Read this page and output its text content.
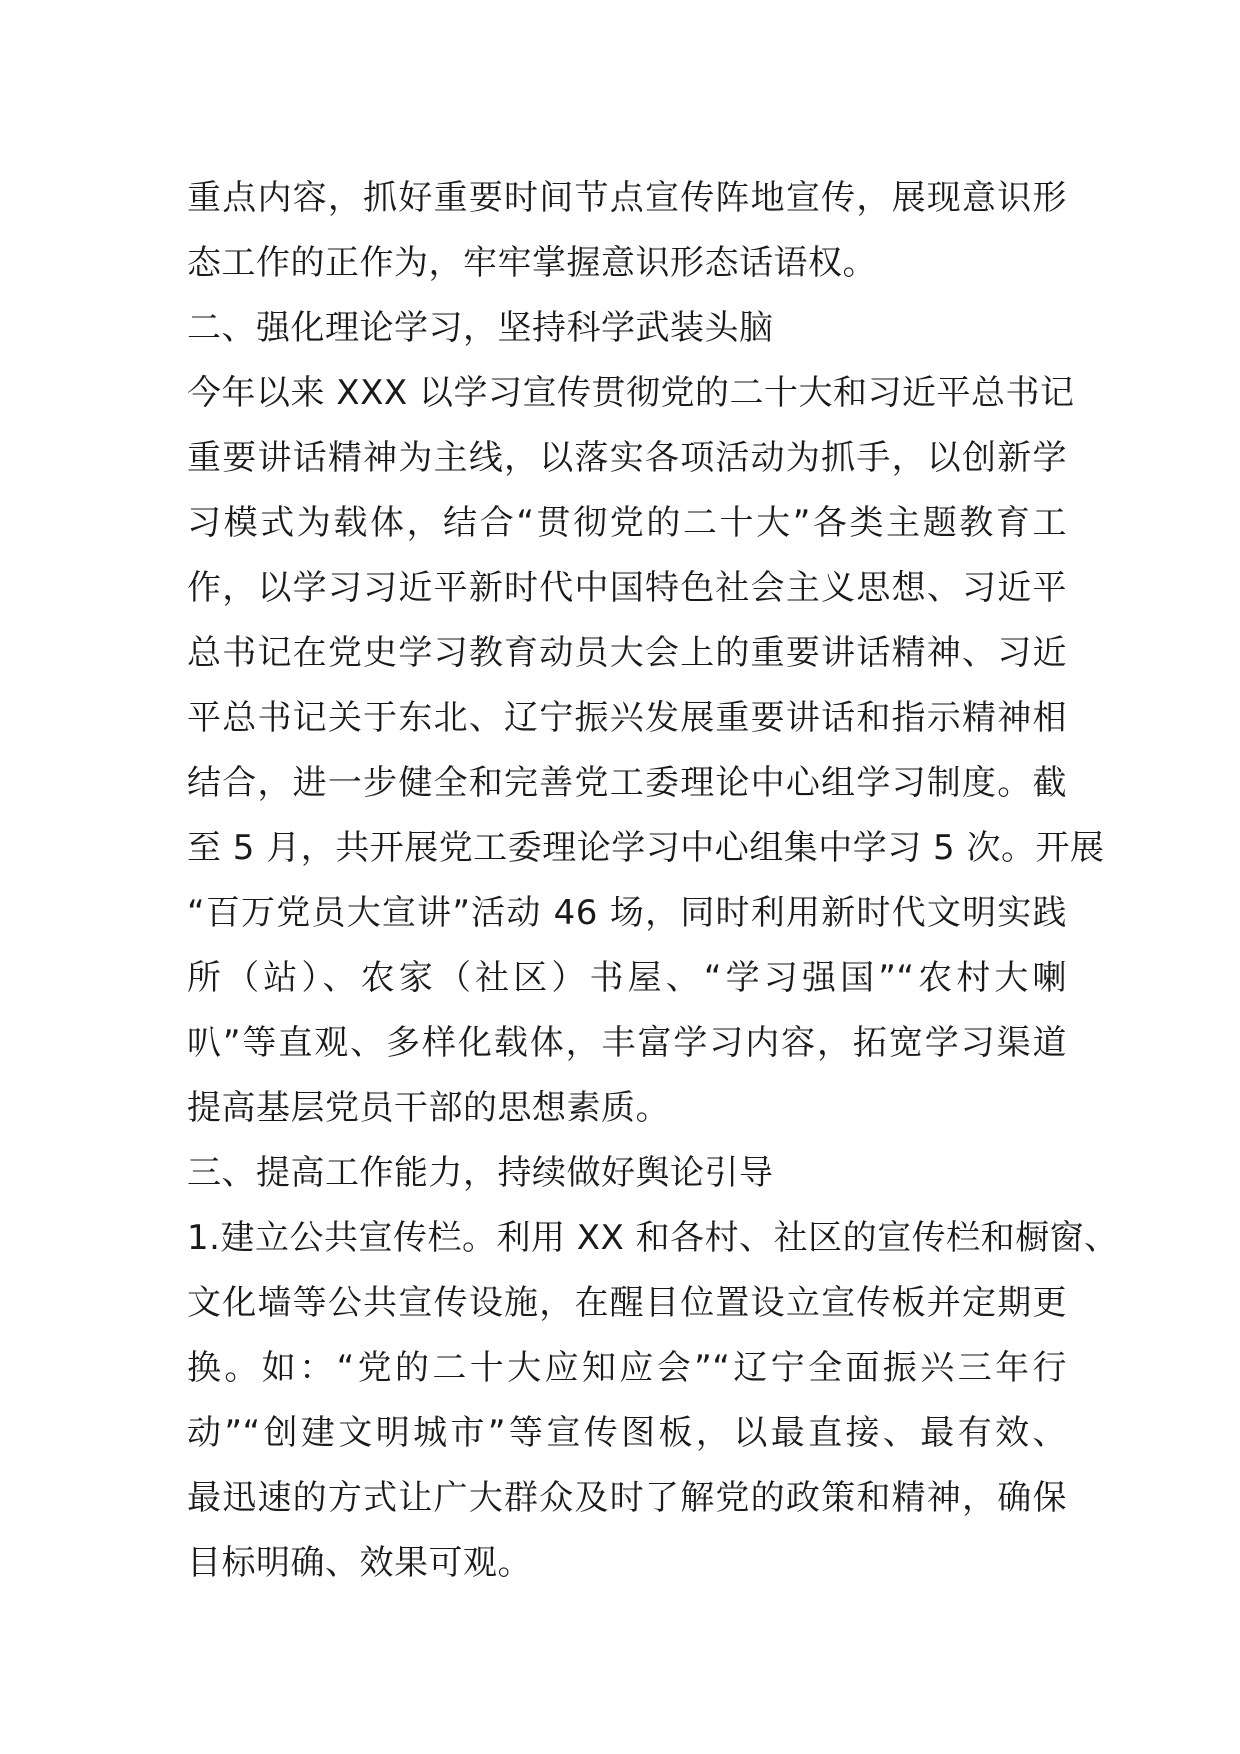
重点内容，抓好重要时间节点宣传阵地宣传，展现意识形
态工作的正作为，牢牢掌握意识形态话语权。
二、强化理论学习，坚持科学武装头脑
今年以来 XXX 以学习宣传贯彻党的二十大和习近平总书记
重要讲话精神为主线，以落实各项活动为抓手，以创新学
习模式为载体，结合“贯彻党的二十大”各类主题教育工
作，以学习习近平新时代中国特色社会主义思想、习近平
总书记在党史学习教育动员大会上的重要讲话精神、习近
平总书记关于东北、辽宁振兴发展重要讲话和指示精神相
结合，进一步健全和完善党工委理论中心组学习制度。截
至 5 月，共开展党工委理论学习中心组集中学习 5 次。开展
“百万党员大宣讲”活动 46 场，同时利用新时代文明实践
所（站）、农家（社区）书屋、“学习强国”“农村大喇
叭”等直观、多样化载体，丰富学习内容，拓宽学习渠道
提高基层党员干部的思想素质。
三、提高工作能力，持续做好舆论引导
1.建立公共宣传栏。利用 XX 和各村、社区的宣传栏和橱窗、
文化墙等公共宣传设施，在醒目位置设立宣传板并定期更
换。如：“党的二十大应知应会”“辽宁全面振兴三年行
动”“创建文明城市”等宣传图板，以最直接、最有效、
最迅速的方式让广大群众及时了解党的政策和精神，确保
目标明确、效果可观。
